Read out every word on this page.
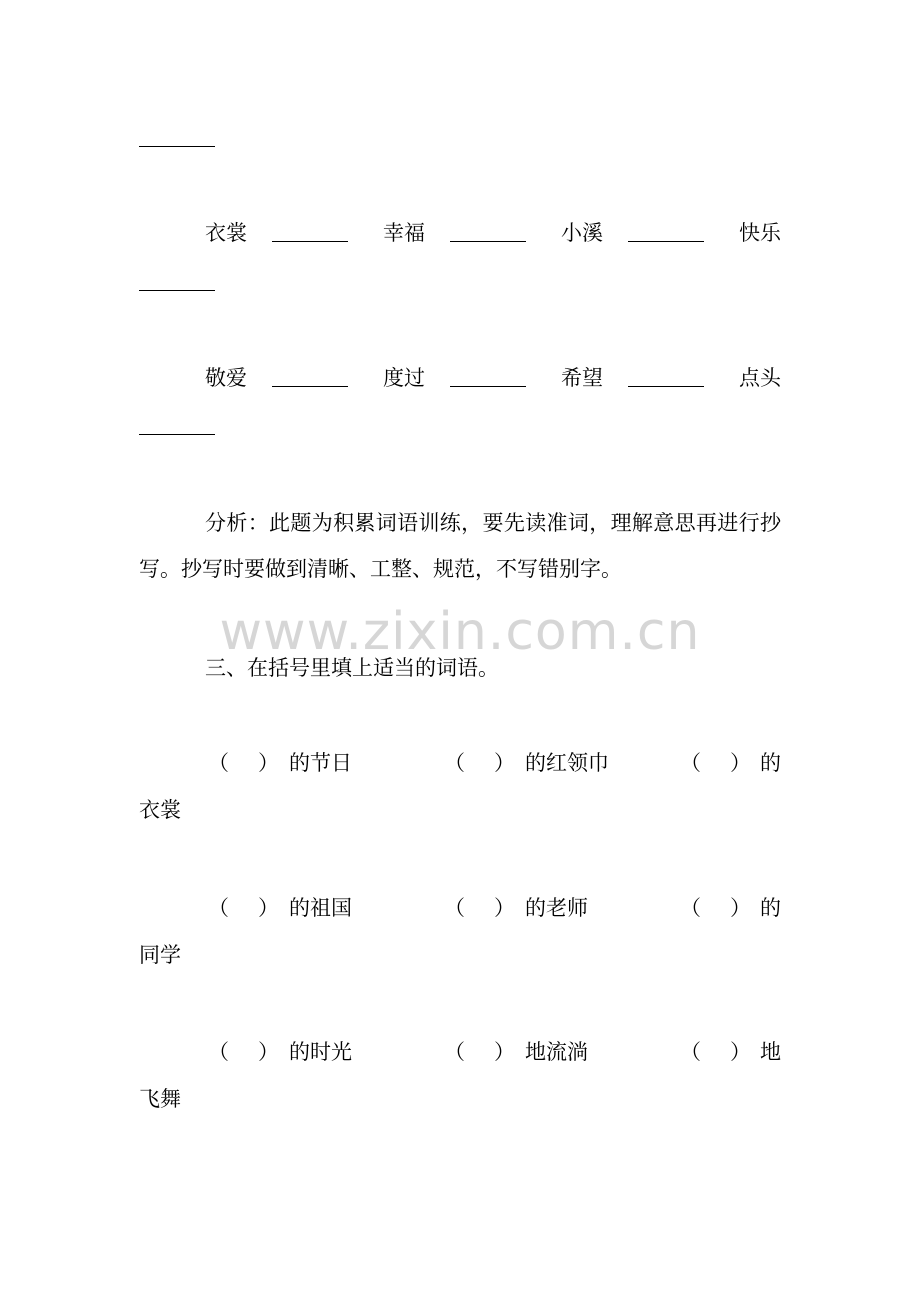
www.zixin.com.cn
衣裳	幸福	小溪	快乐
敬爱	度过	希望	点头
分析：此题为积累词语训练，要先读准词，理解意思再进行抄写。抄写时要做到清晰、工整、规范，不写错别字。
三、在括号里填上适当的词语。
（ ） 的节日	（ ） 的红领巾	（ ） 的
衣裳
（ ） 的祖国	（ ） 的老师	（ ） 的
同学
（ ） 的时光	（ ） 地流淌	（ ） 地
飞舞
